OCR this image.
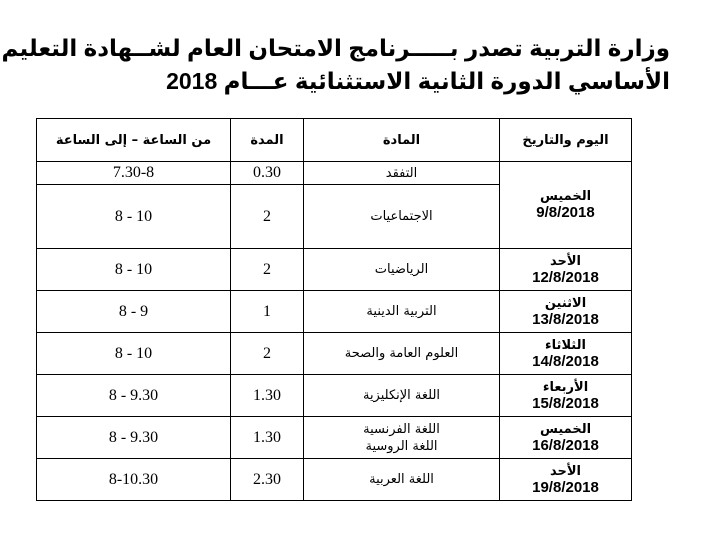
وزارة التربية تصدر بـــــرنامج الامتحان العام لشــهادة التعليم
الأساسي الدورة الثانية الاستثنائية عـــام 2018
اليوم والتاريخ	المادة	المدة	من الساعة – إلى الساعة

الخميس
9/8/2018	التفقد	0.30	7.30-8
	الاجتماعيات	2	10 - 8

الأحد
12/8/2018	الرياضيات	2	10 - 8

الاثنين
13/8/2018	التربية الدينية	1	9 - 8

الثلاثاء
14/8/2018	العلوم العامة والصحة	2	10 - 8

الأربعاء
15/8/2018	اللغة الإنكليزية	1.30	9.30 - 8

الخميس
16/8/2018	اللغة الفرنسية
اللغة الروسية	1.30	9.30 - 8

الأحد
19/8/2018	اللغة العربية	2.30	8-10.30
